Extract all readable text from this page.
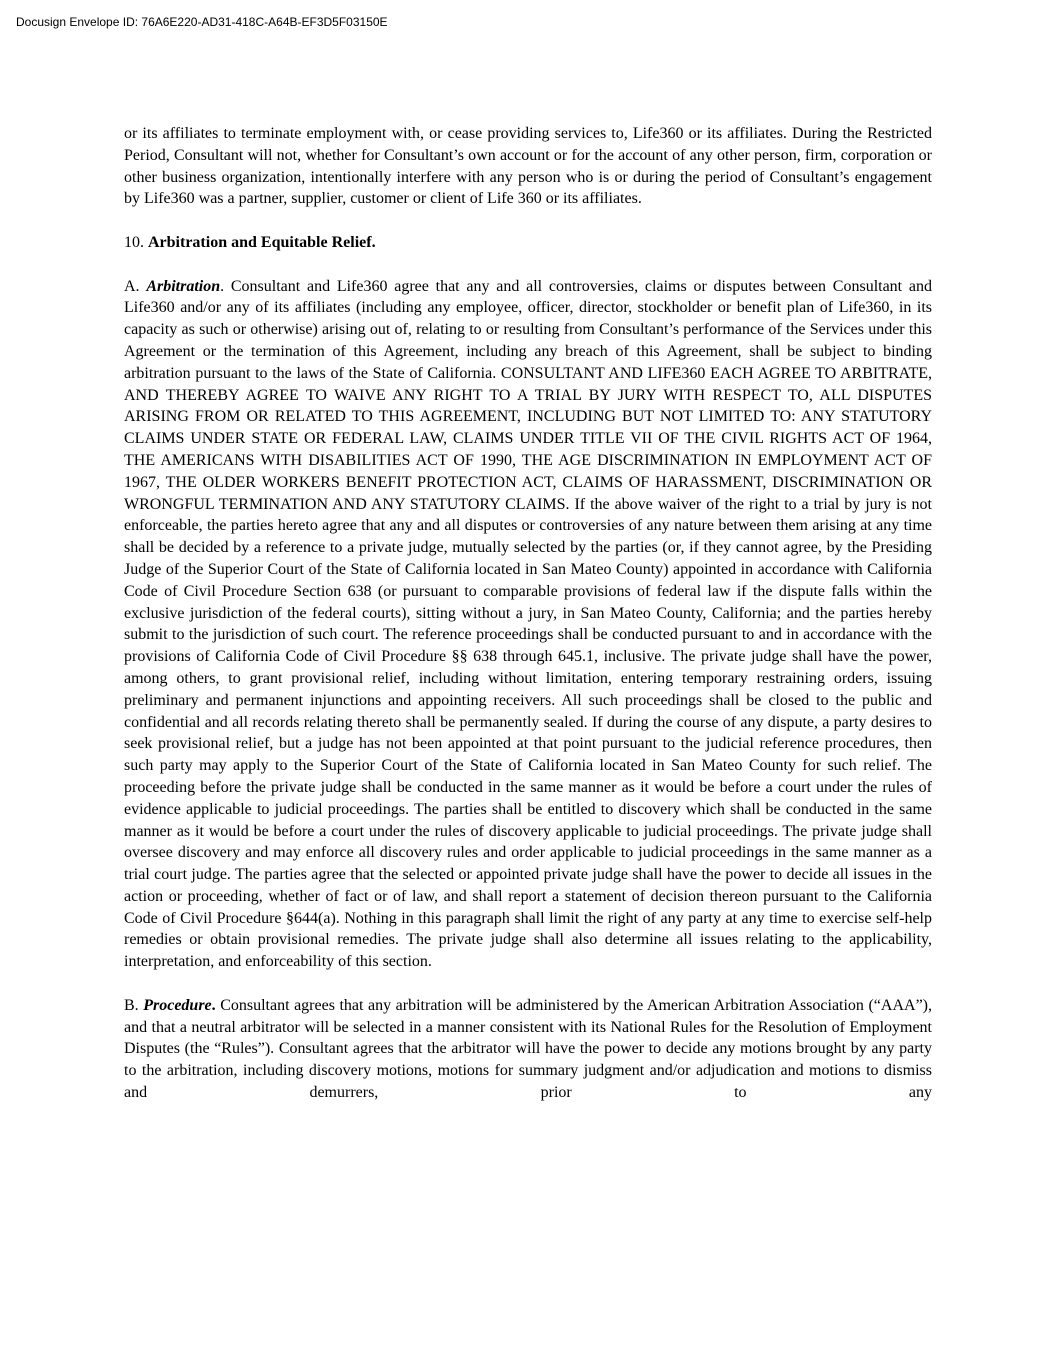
Docusign Envelope ID: 76A6E220-AD31-418C-A64B-EF3D5F03150E

or its affiliates to terminate employment with, or cease providing services to, Life360 or its affiliates. During the Restricted Period, Consultant will not, whether for Consultant’s own account or for the account of any other person, firm, corporation or other business organization, intentionally interfere with any person who is or during the period of Consultant’s engagement by Life360 was a partner, supplier, customer or client of Life 360 or its affiliates.

10. Arbitration and Equitable Relief.

A. Arbitration. Consultant and Life360 agree that any and all controversies, claims or disputes between Consultant and Life360 and/or any of its affiliates (including any employee, officer, director, stockholder or benefit plan of Life360, in its capacity as such or otherwise) arising out of, relating to or resulting from Consultant’s performance of the Services under this Agreement or the termination of this Agreement, including any breach of this Agreement, shall be subject to binding arbitration pursuant to the laws of the State of California. CONSULTANT AND LIFE360 EACH AGREE TO ARBITRATE, AND THEREBY AGREE TO WAIVE ANY RIGHT TO A TRIAL BY JURY WITH RESPECT TO, ALL DISPUTES ARISING FROM OR RELATED TO THIS AGREEMENT, INCLUDING BUT NOT LIMITED TO: ANY STATUTORY CLAIMS UNDER STATE OR FEDERAL LAW, CLAIMS UNDER TITLE VII OF THE CIVIL RIGHTS ACT OF 1964, THE AMERICANS WITH DISABILITIES ACT OF 1990, THE AGE DISCRIMINATION IN EMPLOYMENT ACT OF 1967, THE OLDER WORKERS BENEFIT PROTECTION ACT, CLAIMS OF HARASSMENT, DISCRIMINATION OR WRONGFUL TERMINATION AND ANY STATUTORY CLAIMS. If the above waiver of the right to a trial by jury is not enforceable, the parties hereto agree that any and all disputes or controversies of any nature between them arising at any time shall be decided by a reference to a private judge, mutually selected by the parties (or, if they cannot agree, by the Presiding Judge of the Superior Court of the State of California located in San Mateo County) appointed in accordance with California Code of Civil Procedure Section 638 (or pursuant to comparable provisions of federal law if the dispute falls within the exclusive jurisdiction of the federal courts), sitting without a jury, in San Mateo County, California; and the parties hereby submit to the jurisdiction of such court. The reference proceedings shall be conducted pursuant to and in accordance with the provisions of California Code of Civil Procedure §§ 638 through 645.1, inclusive. The private judge shall have the power, among others, to grant provisional relief, including without limitation, entering temporary restraining orders, issuing preliminary and permanent injunctions and appointing receivers. All such proceedings shall be closed to the public and confidential and all records relating thereto shall be permanently sealed. If during the course of any dispute, a party desires to seek provisional relief, but a judge has not been appointed at that point pursuant to the judicial reference procedures, then such party may apply to the Superior Court of the State of California located in San Mateo County for such relief. The proceeding before the private judge shall be conducted in the same manner as it would be before a court under the rules of evidence applicable to judicial proceedings. The parties shall be entitled to discovery which shall be conducted in the same manner as it would be before a court under the rules of discovery applicable to judicial proceedings. The private judge shall oversee discovery and may enforce all discovery rules and order applicable to judicial proceedings in the same manner as a trial court judge. The parties agree that the selected or appointed private judge shall have the power to decide all issues in the action or proceeding, whether of fact or of law, and shall report a statement of decision thereon pursuant to the California Code of Civil Procedure §644(a). Nothing in this paragraph shall limit the right of any party at any time to exercise self-help remedies or obtain provisional remedies. The private judge shall also determine all issues relating to the applicability, interpretation, and enforceability of this section.

B. Procedure. Consultant agrees that any arbitration will be administered by the American Arbitration Association (“AAA”), and that a neutral arbitrator will be selected in a manner consistent with its National Rules for the Resolution of Employment Disputes (the “Rules”). Consultant agrees that the arbitrator will have the power to decide any motions brought by any party to the arbitration, including discovery motions, motions for summary judgment and/or adjudication and motions to dismiss and demurrers, prior to any
